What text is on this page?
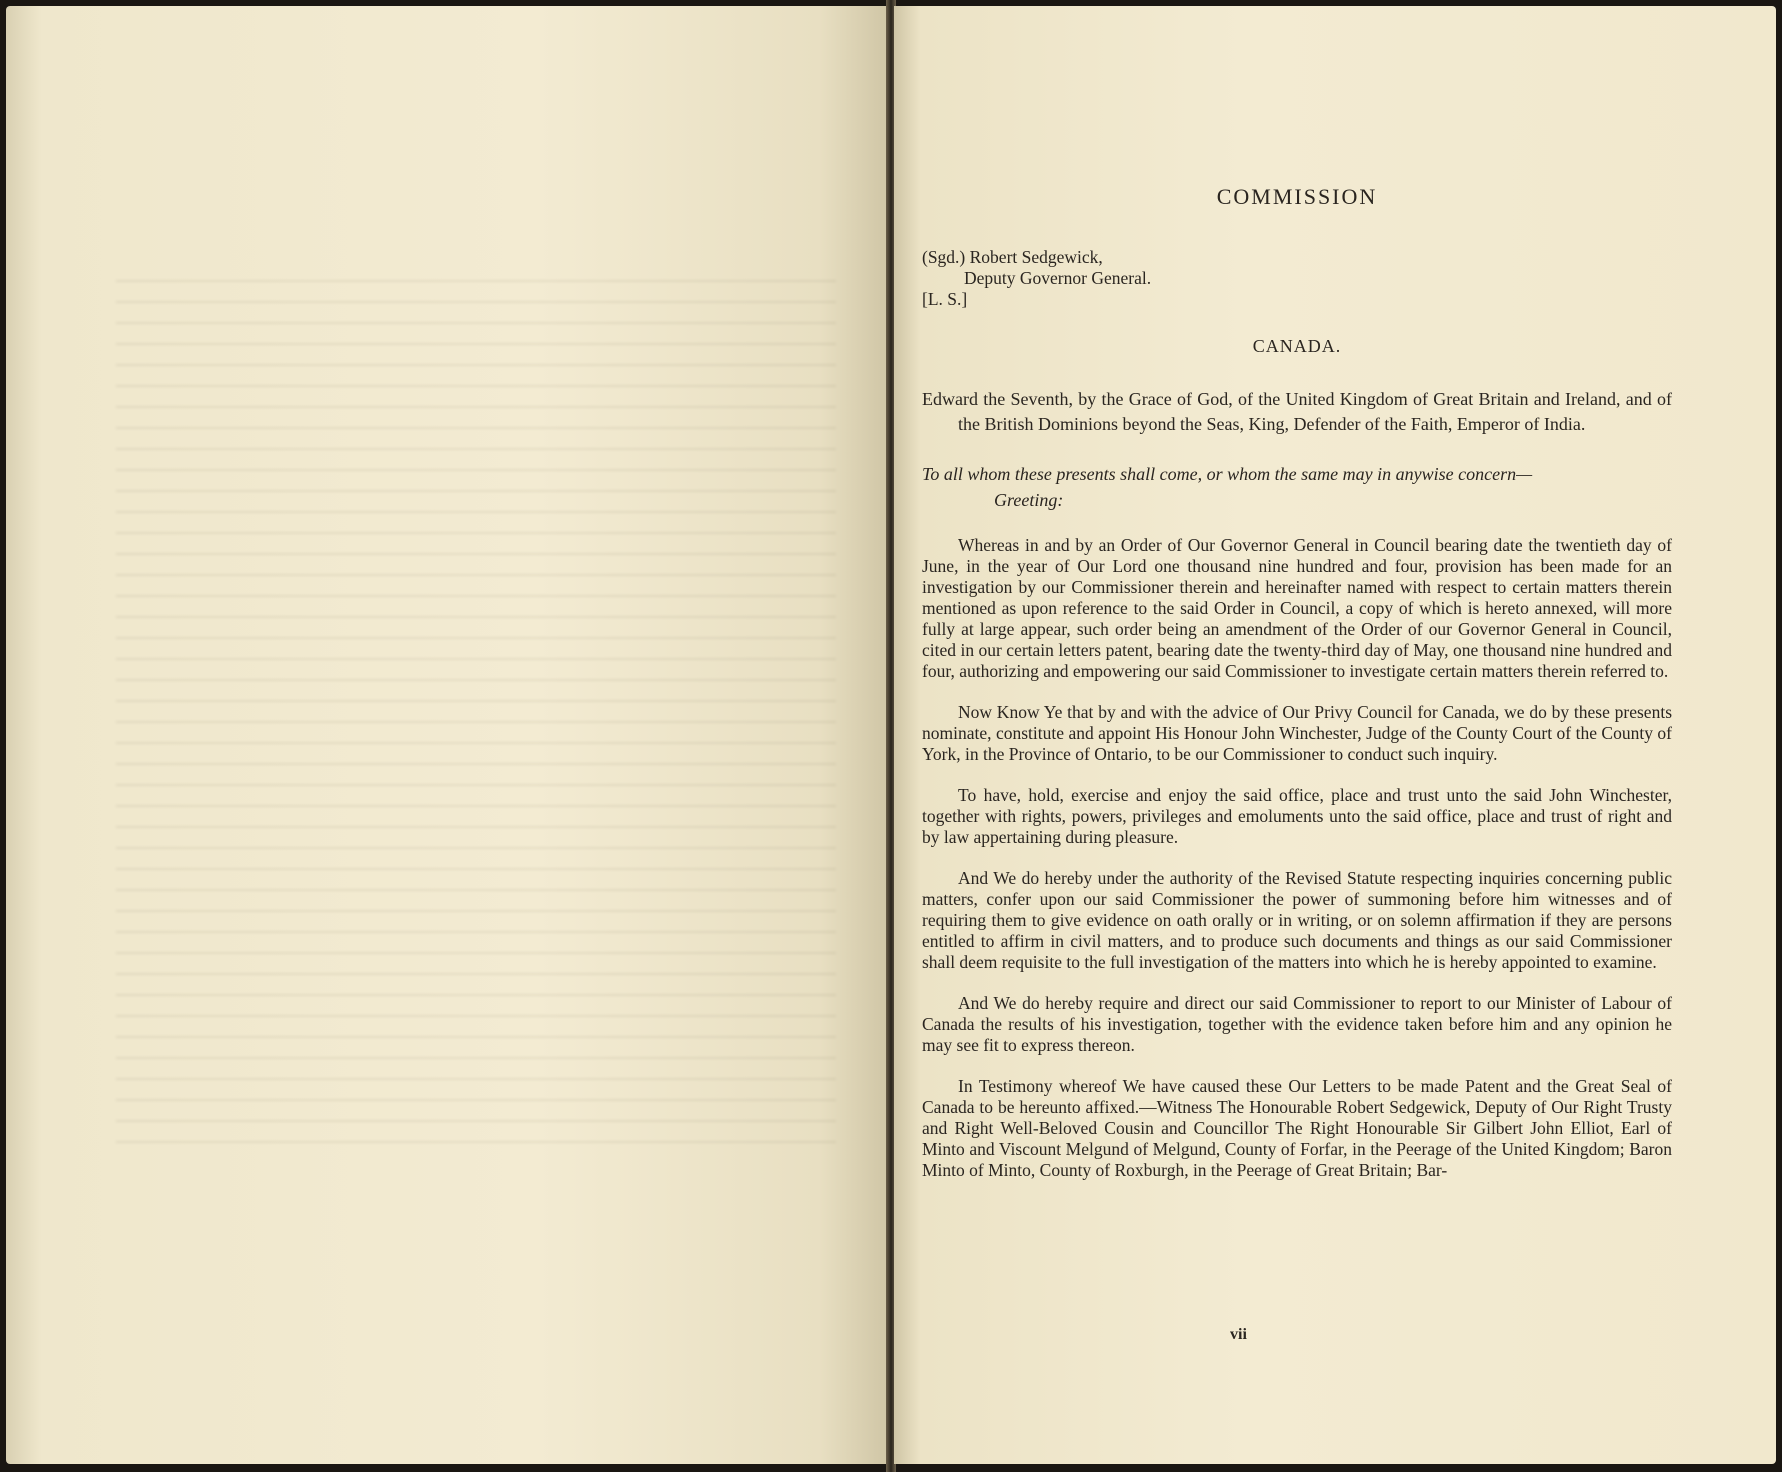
COMMISSION
(Sgd.) Robert Sedgewick,
Deputy Governor General.
[L. S.]
CANADA.

Edward the Seventh, by the Grace of God, of the United Kingdom of Great Britain and Ireland, and of the British Dominions beyond the Seas, King, Defender of the Faith, Emperor of India.

To all whom these presents shall come, or whom the same may in anywise concern—
Greeting:

Whereas in and by an Order of Our Governor General in Council bearing date the twentieth day of June, in the year of Our Lord one thousand nine hundred and four, provision has been made for an investigation by our Commissioner therein and hereinafter named with respect to certain matters therein mentioned as upon reference to the said Order in Council, a copy of which is hereto annexed, will more fully at large appear, such order being an amendment of the Order of our Governor General in Council, cited in our certain letters patent, bearing date the twenty-third day of May, one thousand nine hundred and four, authorizing and empowering our said Commissioner to investigate certain matters therein referred to.

Now Know Ye that by and with the advice of Our Privy Council for Canada, we do by these presents nominate, constitute and appoint His Honour John Winchester, Judge of the County Court of the County of York, in the Province of Ontario, to be our Commissioner to conduct such inquiry.

To have, hold, exercise and enjoy the said office, place and trust unto the said John Winchester, together with rights, powers, privileges and emoluments unto the said office, place and trust of right and by law appertaining during pleasure.

And We do hereby under the authority of the Revised Statute respecting inquiries concerning public matters, confer upon our said Commissioner the power of summoning before him witnesses and of requiring them to give evidence on oath orally or in writing, or on solemn affirmation if they are persons entitled to affirm in civil matters, and to produce such documents and things as our said Commissioner shall deem requisite to the full investigation of the matters into which he is hereby appointed to examine.

And We do hereby require and direct our said Commissioner to report to our Minister of Labour of Canada the results of his investigation, together with the evidence taken before him and any opinion he may see fit to express thereon.

In Testimony whereof We have caused these Our Letters to be made Patent and the Great Seal of Canada to be hereunto affixed.—Witness The Honourable Robert Sedgewick, Deputy of Our Right Trusty and Right Well-Beloved Cousin and Councillor The Right Honourable Sir Gilbert John Elliot, Earl of Minto and Viscount Melgund of Melgund, County of Forfar, in the Peerage of the United Kingdom; Baron Minto of Minto, County of Roxburgh, in the Peerage of Great Britain; Bar-

vii
